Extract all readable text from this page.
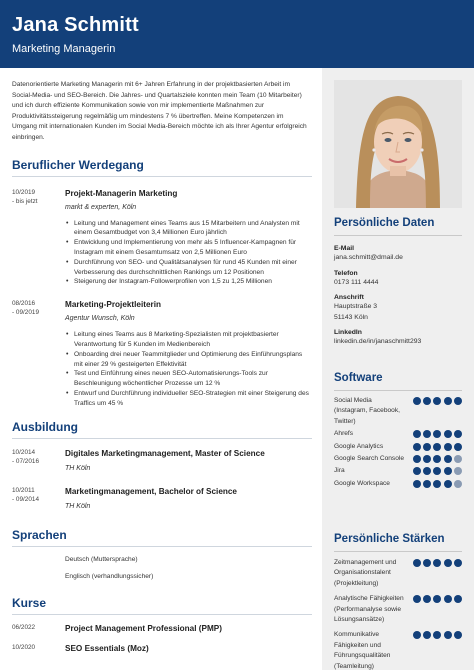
Jana Schmitt
Marketing Managerin
Datenorientierte Marketing Managerin mit 6+ Jahren Erfahrung in der projektbasierten Arbeit im Social-Media- und SEO-Bereich. Die Jahres- und Quartalsziele konnten mein Team (10 Mitarbeiter) und ich durch effiziente Kommunikation sowie von mir implementierte Maßnahmen zur Produktivitätssteigerung regelmäßig um mindestens 7 % übertreffen. Meine Kompetenzen im Umgang mit internationalen Kunden im Social Media-Bereich möchte ich als Ihrer Agentur erfolgreich einbringen.
Beruflicher Werdegang
10/2019
- bis jetzt
Projekt-Managerin Marketing
markt & experten, Köln
• Leitung und Management eines Teams aus 15 Mitarbeitern und Analysten mit einem Gesamtbudget von 3,4 Millionen Euro jährlich
• Entwicklung und Implementierung von mehr als 5 Influencer-Kampagnen für Instagram mit einem Gesamtumsatz von 2,5 Millionen Euro
• Durchführung von SEO- und Qualitätsanalysen für rund 45 Kunden mit einer Verbesserung des durchschnittlichen Rankings um 12 Positionen
• Steigerung der Instagram-Followerprofilen von 1,5 zu 1,25 Millionen
08/2016
- 09/2019
Marketing-Projektleiterin
Agentur Wunsch, Köln
• Leitung eines Teams aus 8 Marketing-Spezialisten mit projektbasierter Verantwortung für 5 Kunden im Medienbereich
• Onboarding drei neuer Teammitglieder und Optimierung des Einführungsplans mit einer 29 % gesteigerten Effektivität
• Test und Einführung eines neuen SEO-Automatisierungs-Tools zur Beschleunigung wöchentlicher Prozesse um 12 %
• Entwurf und Durchführung individueller SEO-Strategien mit einer Steigerung des Traffics um 45 %
Ausbildung
10/2014
- 07/2016
Digitales Marketingmanagement, Master of Science
TH Köln
10/2011
- 09/2014
Marketingmanagement, Bachelor of Science
TH Köln
Sprachen
Deutsch (Muttersprache)
Englisch (verhandlungssicher)
Kurse
06/2022	Project Management Professional (PMP)
10/2020	SEO Essentials (Moz)
Persönliche Daten
E-Mail
jana.schmitt@dmail.de
Telefon
0173 111 4444
Anschrift
Hauptstraße 3
51143 Köln
LinkedIn
linkedin.de/in/janaschmitt293
Software
Social Media (Instagram, Facebook, Twitter)
Ahrefs
Google Analytics
Google Search Console
Jira
Google Workspace
Persönliche Stärken
Zeitmanagement und Organisationstalent (Projektleitung)
Analytische Fähigkeiten (Performanalyse sowie Lösungsansätze)
Kommunikative Fähigkeiten und Führungsqualitäten (Teamleitung)
